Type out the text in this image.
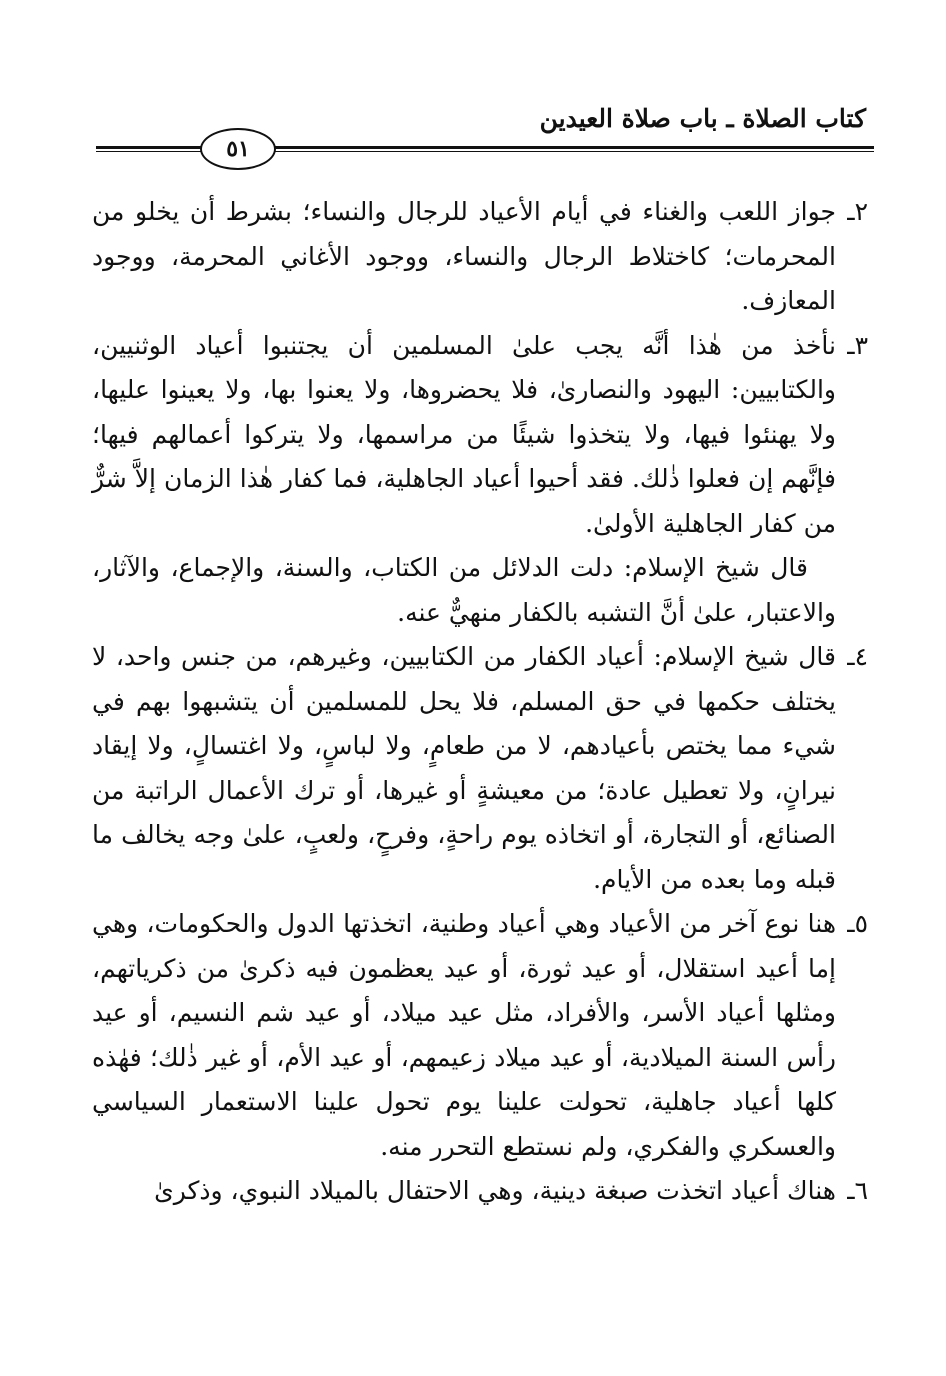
كتاب الصلاة ـ باب صلاة العيدين
٥١
٢ـ
جواز اللعب والغناء في أيام الأعياد للرجال والنساء؛ بشرط أن يخلو من المحرمات؛ كاختلاط الرجال والنساء، ووجود الأغاني المحرمة، ووجود المعازف.
٣ـ
نأخذ من هٰذا أنَّه يجب علىٰ المسلمين أن يجتنبوا أعياد الوثنيين، والكتابيين: اليهود والنصارىٰ، فلا يحضروها، ولا يعنوا بها، ولا يعينوا عليها، ولا يهنئوا فيها، ولا يتخذوا شيئًا من مراسمها، ولا يتركوا أعمالهم فيها؛ فإنَّهم إن فعلوا ذٰلك. فقد أحيوا أعياد الجاهلية، فما كفار هٰذا الزمان إلاَّ شرٌّ من كفار الجاهلية الأولىٰ.

قال شيخ الإسلام: دلت الدلائل من الكتاب، والسنة، والإجماع، والآثار، والاعتبار، علىٰ أنَّ التشبه بالكفار منهيٌّ عنه.

٤ـ
قال شيخ الإسلام: أعياد الكفار من الكتابيين، وغيرهم، من جنس واحد، لا يختلف حكمها في حق المسلم، فلا يحل للمسلمين أن يتشبهوا بهم في شيء مما يختص بأعيادهم، لا من طعامٍ، ولا لباسٍ، ولا اغتسالٍ، ولا إيقاد نيرانٍ، ولا تعطيل عادة؛ من معيشةٍ أو غيرها، أو ترك الأعمال الراتبة من الصنائع، أو التجارة، أو اتخاذه يوم راحةٍ، وفرحٍ، ولعبٍ، علىٰ وجه يخالف ما قبله وما بعده من الأيام.
٥ـ
هنا نوع آخر من الأعياد وهي أعياد وطنية، اتخذتها الدول والحكومات، وهي إما أعيد استقلال، أو عيد ثورة، أو عيد يعظمون فيه ذكرىٰ من ذكرياتهم، ومثلها أعياد الأسر، والأفراد، مثل عيد ميلاد، أو عيد شم النسيم، أو عيد رأس السنة الميلادية، أو عيد ميلاد زعيمهم، أو عيد الأم، أو غير ذٰلك؛ فهٰذه كلها أعياد جاهلية، تحولت علينا يوم تحول علينا الاستعمار السياسي والعسكري والفكري، ولم نستطع التحرر منه.
٦ـ
هناك أعياد اتخذت صبغة دينية، وهي الاحتفال بالميلاد النبوي، وذكرىٰ
